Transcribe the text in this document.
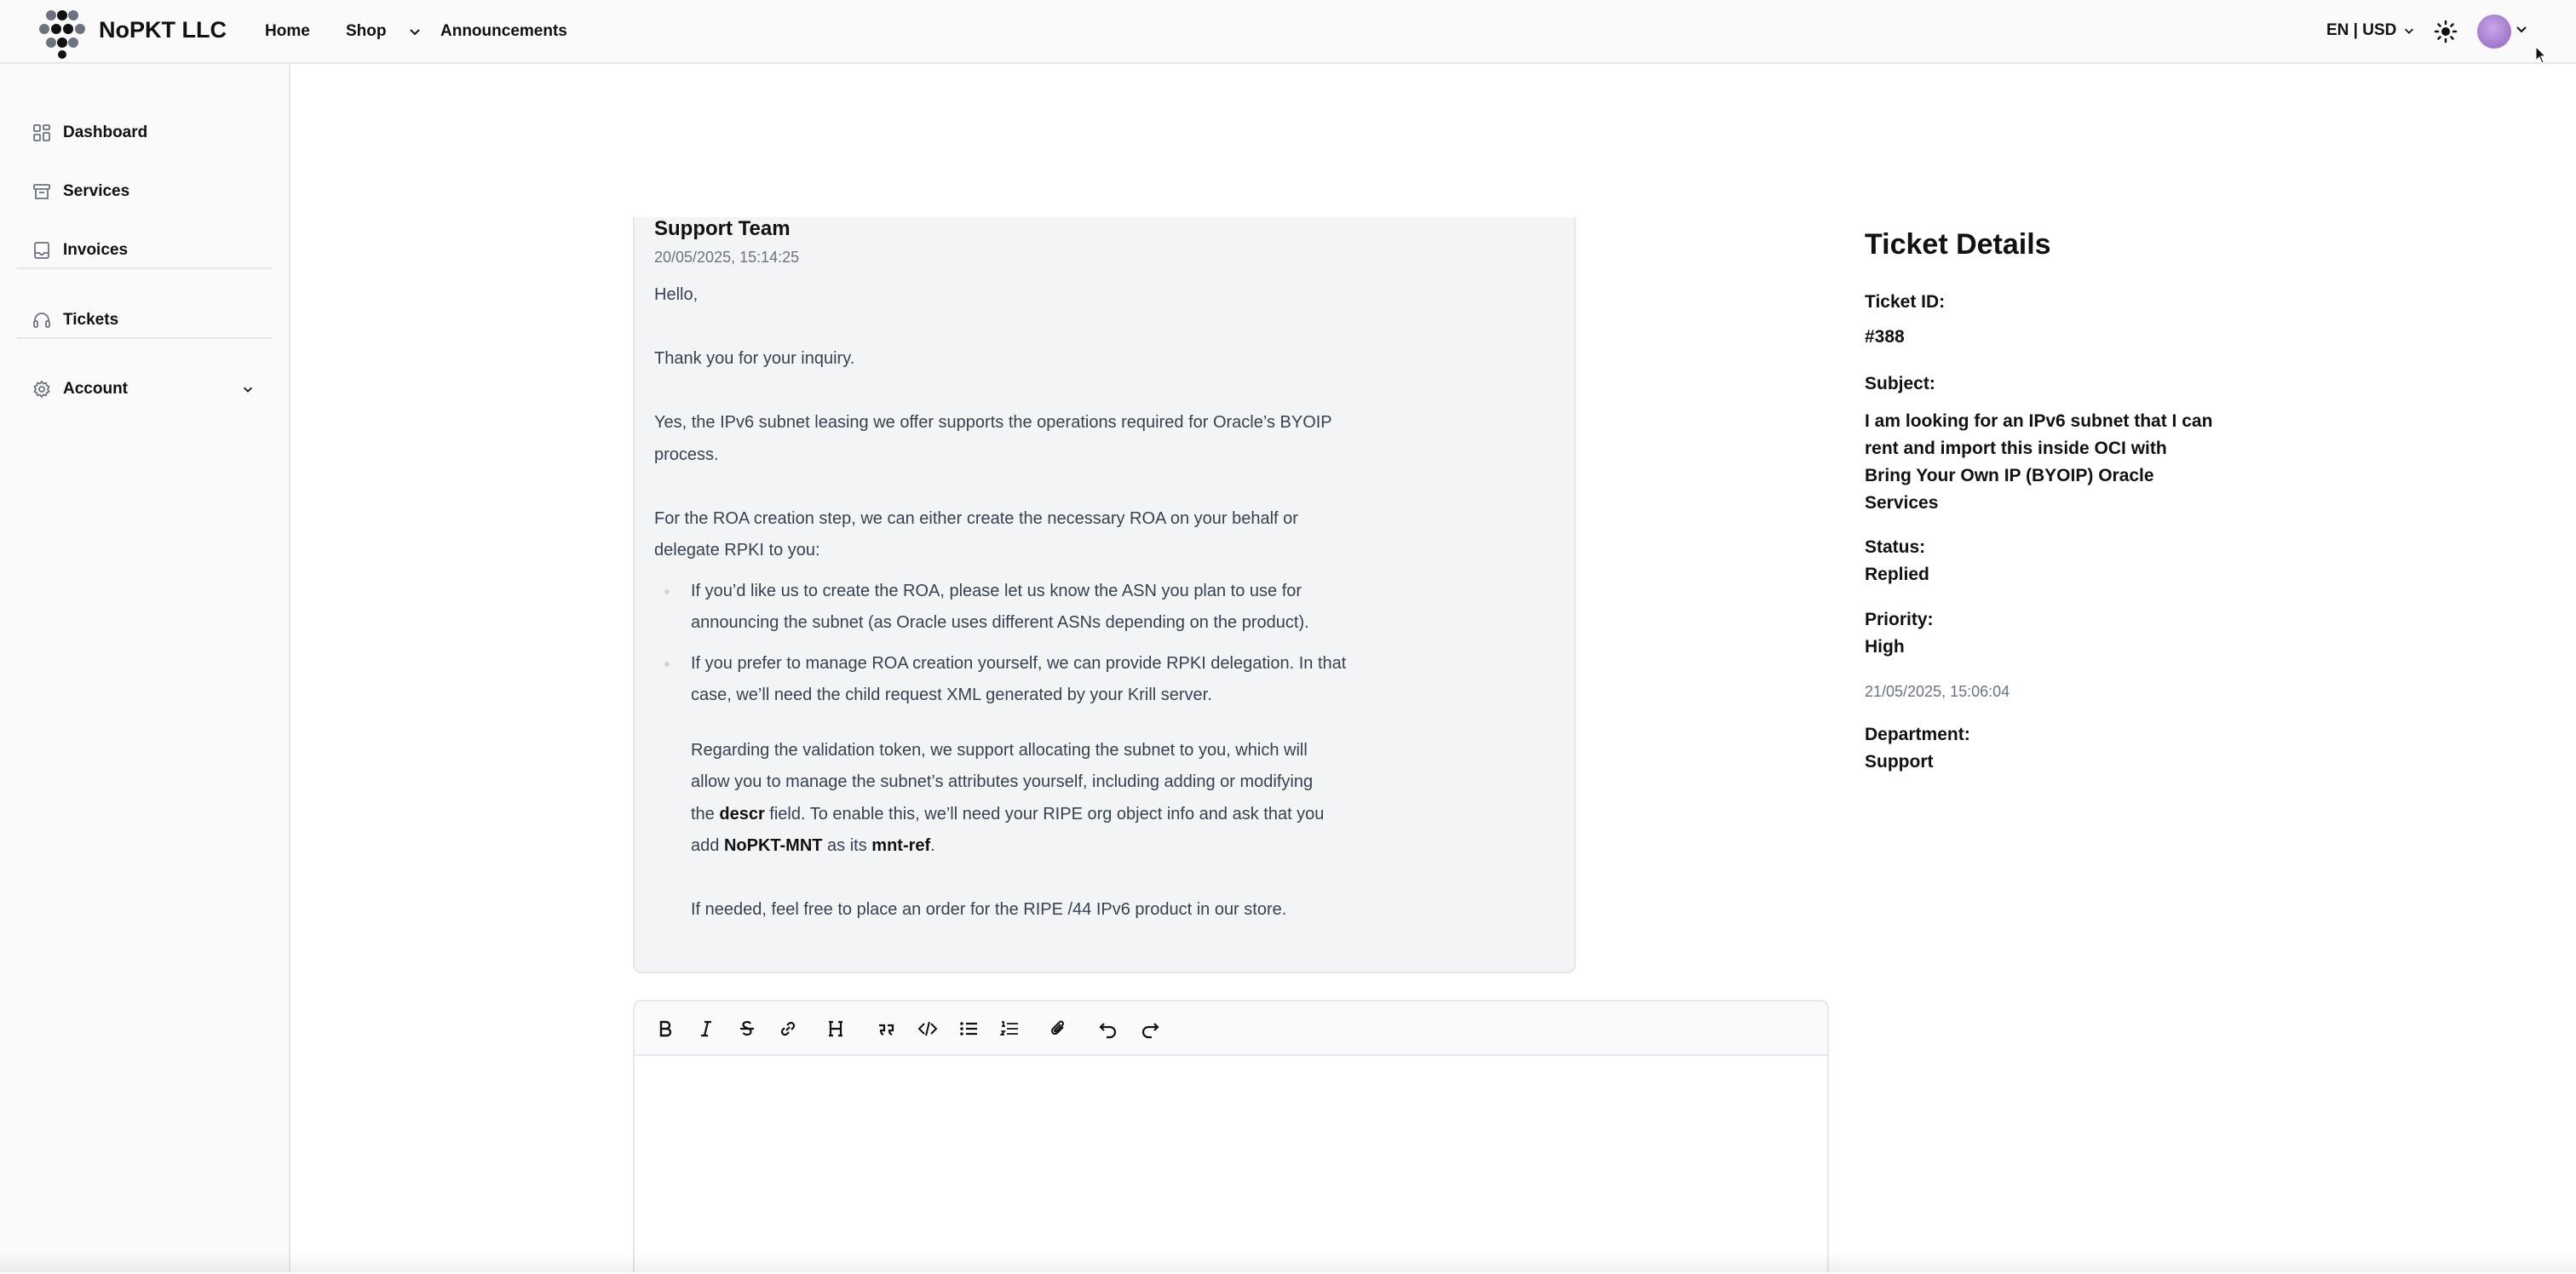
NoPKT LLC Home Shop	Announcements	EN | USD
Dashboard
Services
Invoices
Tickets
Account
Support Team
20/05/2025, 15:14:25

Hello,

Thank you for your inquiry.

Yes, the IPv6 subnet leasing we offer supports the operations required for Oracle’s BYOIP

process.

For the ROA creation step, we can either create the necessary ROA on your behalf or

delegate RPKI to you:

If you’d like us to create the ROA, please let us know the ASN you plan to use for

announcing the subnet (as Oracle uses different ASNs depending on the product).

If you prefer to manage ROA creation yourself, we can provide RPKI delegation. In that

case, we’ll need the child request XML generated by your Krill server.

Regarding the validation token, we support allocating the subnet to you, which will

allow you to manage the subnet’s attributes yourself, including adding or modifying

the descr field. To enable this, we’ll need your RIPE org object info and ask that you

add NoPKT-MNT as its mnt-ref.

If needed, feel free to place an order for the RIPE /44 IPv6 product in our store.

Ticket Details
Ticket ID:
#388
Subject:
I am looking for an IPv6 subnet that I can
rent and import this inside OCI with
Bring Your Own IP (BYOIP) Oracle
Services
Status:
Replied
Priority:
High
21/05/2025, 15:06:04
Department:
Support
